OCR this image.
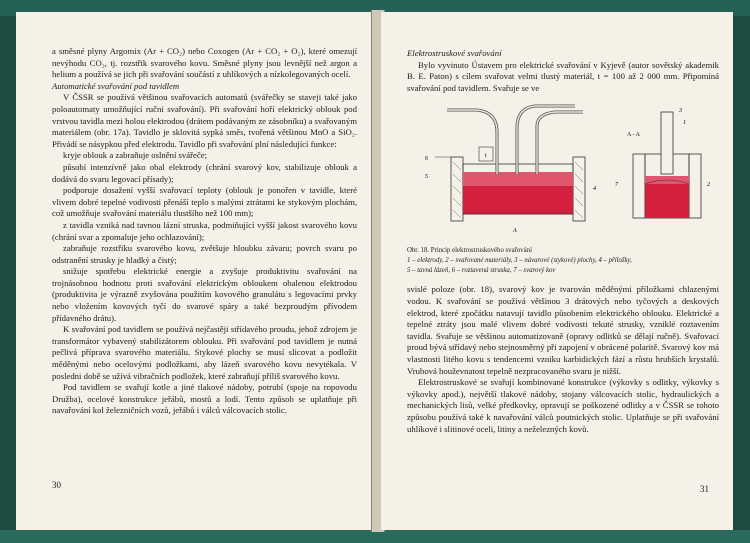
a směsné plyny Argomix (Ar + CO₂) nebo Coxogen (Ar + CO₂ + O₂), které omezují nevýhodu CO₂, tj. rozstřik svarového kovu. Směsné plyny jsou levnější než argon a helium a používá se jich při svařování součástí z uhlíkových a nízkolegovaných ocelí.

Automatické svařování pod tavidlem

V ČSSR se používá většinou svařovacích automatů (svářečky se staveji také jako poloautomaty umožňující ruční svařování). Při svařování hoří elektrický oblouk pod vrstvou tavidla mezi holou elektrodou (drátem podávaným ze zásobníku) a svařovaným materiálem (obr. 17a). Tavidlo je sklovitá sypká směs, tvořená většinou MnO a SiO₂. Přivádí se násypkou před elektrodu. Tavidlo při svařování plní následující funkce:

kryje oblouk a zabraňuje oslnění svářeče;

působí intenzívně jako obal elektrody (chrání svarový kov, stabilizuje oblouk a dodává do svaru legovací přísady);

podporuje dosažení vyšší svařovací teploty (oblouk je ponořen v tavidle, které vlivem dobré tepelné vodivosti přenáší teplo s malými ztrátami ke stykovým plochám, což umožňuje svařování materiálu tlustšího než 100 mm);

z tavidla vzniká nad tavnou lázní struska, podmiňující vyšší jakost svarového kovu (chrání svar a zpomaluje jeho ochlazování);

zabraňuje rozstřiku svarového kovu, zvětšuje hloubku závaru; povrch svaru po odstranění strusky je hladký a čistý;

snižuje spotřebu elektrické energie a zvyšuje produktivitu svařování na trojnásobnou hodnotu proti svařování elektrickým obloukem obalenou elektrodou (produktivita je výrazně zvyšována použitím kovového granulátu s legovacími prvky nebo vložením kovových tyčí do svarové spáry a také bezproudým přívodem přídavného drátu).

K svařování pod tavidlem se používá nejčastěji střídavého proudu, jehož zdrojem je transformátor vybavený stabilizátorem oblouku. Při svařování pod tavidlem je nutná pečlivá příprava svarového materiálu. Stykové plochy se musí slicovat a podložit měděnými nebo ocelovými podložkami, aby lázeň svarového kovu nevytékala. V posledni době se užívá vibračních podložek, které zabraňují příliš svarového kovu.

Pod tavidlem se svařují kotle a jiné tlakové nádoby, potrubí (spoje na ropovodu Družba), ocelové konstrukce jeřábů, mostů a lodí. Tento způsob se uplatňuje při navařování kol železničních vozů, jeřábů i válců válcovacích stolic.

30

Elektrostruskové svařování

Bylo vyvinuto Ústavem pro elektrické svařování v Kyjevě (autor sovětský akademik B. E. Paton) s cílem svařovat velmi tlustý materiál, t = 100 až 2 000 mm. Připomíná svařování pod tavidlem. Svařuje se ve

t
6
5
4
A
A - A
3
1
2
7
Obr. 18. Princip elektrostruskového svařování
1 – elektrody, 2 – svařované materiály, 3 – návarové (stykové) plochy, 4 – příložky,
5 – tavná lázeň, 6 – roztavená struska, 7 – svarový kov

svislé poloze (obr. 18), svarový kov je tvarován měděnými příložkami chlazenými vodou. K svařování se používá většinou 3 drátových nebo tyčových a deskových elektrod, které zpočátku natavují tavidlo působením elektrického oblouku. Elektrické a tepelné ztráty jsou malé vlivem dobré vodivosti tekuté strusky, vzniklé roztavením tavidla. Svařuje se většinou automatizovaně (opravy odlitků se dělají ručně). Svařovací proud bývá střídavý nebo stejnosměrný při zapojení v obrácené polaritě. Svarový kov má vlastnosti litého kovu s tendencemi vzniku karbidických fází a růstu hrubších krystalů. Vrubová houževnatost tepelně nezpracovaného svaru je nižší.

Elektrostruskové se svařují kombinované konstrukce (výkovky s odlitky, výkovky s výkovky apod.), největší tlakové nádoby, stojany válcovacích stolic, hydraulických a mechanických lisů, velké předkovky, opravují se poškozené odlitky a v ČSSR se tohoto způsobu používá také k navařování válců poutnických stolic. Uplatňuje se při svařování uhlíkové i slitinové oceli, litiny a neželezných kovů.

31
